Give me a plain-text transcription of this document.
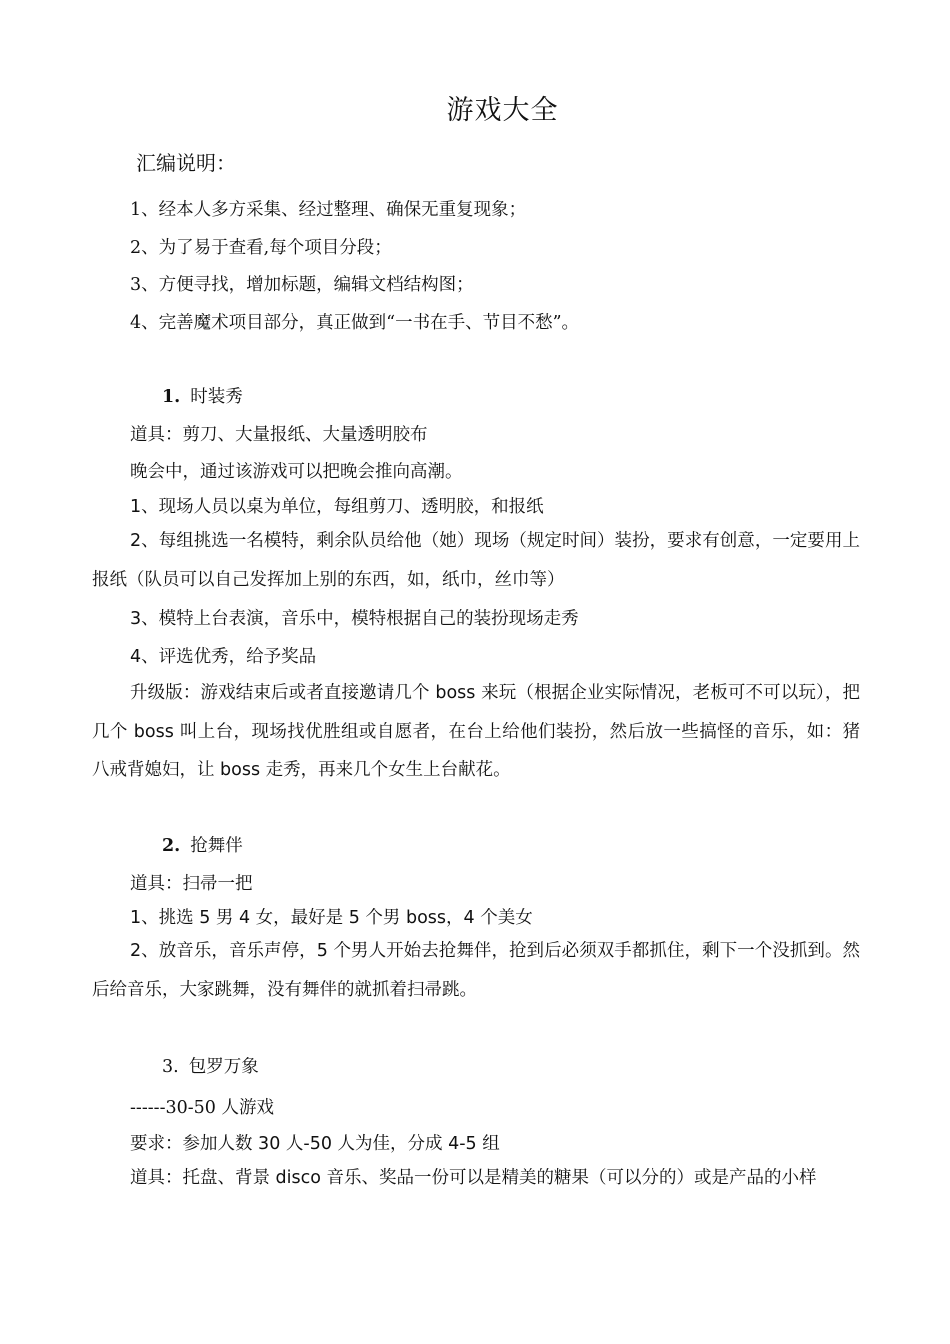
游戏大全
汇编说明：
1、经本人多方采集、经过整理、确保无重复现象；
2、为了易于查看,每个项目分段；
3、方便寻找，增加标题，编辑文档结构图；
4、完善魔术项目部分，真正做到“一书在手、节目不愁”。
1. 时装秀
道具：剪刀、大量报纸、大量透明胶布
晚会中，通过该游戏可以把晚会推向高潮。
1、现场人员以桌为单位，每组剪刀、透明胶，和报纸
2、每组挑选一名模特，剩余队员给他（她）现场（规定时间）装扮，要求有创意，一定要用上报纸（队员可以自己发挥加上别的东西，如，纸巾，丝巾等）
3、模特上台表演，音乐中，模特根据自己的装扮现场走秀
4、评选优秀，给予奖品
升级版：游戏结束后或者直接邀请几个 boss 来玩（根据企业实际情况，老板可不可以玩），把几个 boss 叫上台，现场找优胜组或自愿者，在台上给他们装扮，然后放一些搞怪的音乐，如：猪八戒背媳妇，让 boss 走秀，再来几个女生上台献花。
2. 抢舞伴
道具：扫帚一把
1、挑选 5 男 4 女，最好是 5 个男 boss，4 个美女
2、放音乐，音乐声停，5 个男人开始去抢舞伴，抢到后必须双手都抓住，剩下一个没抓到。然后给音乐，大家跳舞，没有舞伴的就抓着扫帚跳。
3. 包罗万象
------30-50 人游戏
要求：参加人数 30 人-50 人为佳，分成 4-5 组
道具：托盘、背景 disco 音乐、奖品一份可以是精美的糖果（可以分的）或是产品的小样
